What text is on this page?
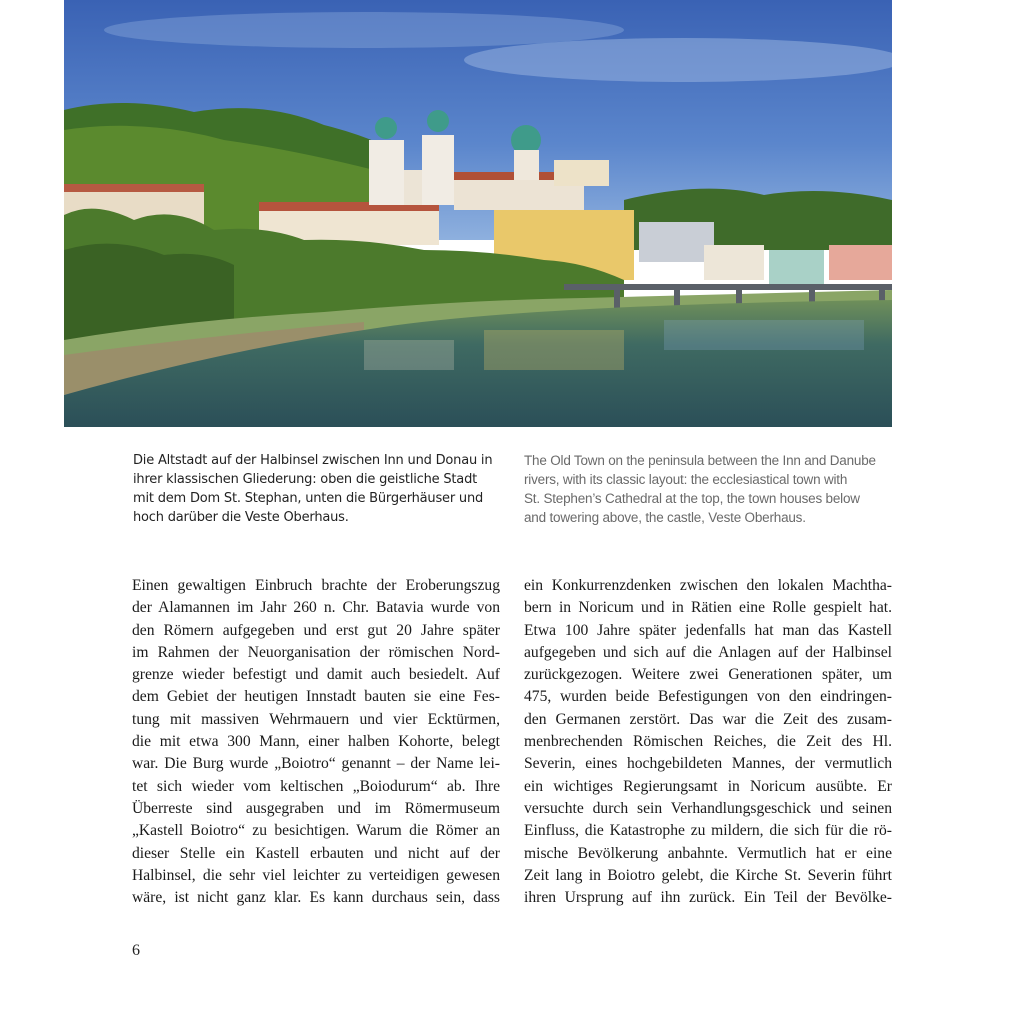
Die Altstadt auf der Halbinsel zwischen Inn und Donau in
ihrer klassischen Gliederung: oben die geistliche Stadt
mit dem Dom St. Stephan, unten die Bürgerhäuser und
hoch darüber die Veste Oberhaus.
The Old Town on the peninsula between the Inn and Danube
rivers, with its classic layout: the ecclesiastical town with
St. Stephen’s Cathedral at the top, the town houses below
and towering above, the castle, Veste Oberhaus.
Einen gewaltigen Einbruch brachte der Eroberungszug
der Alamannen im Jahr 260 n. Chr. Batavia wurde von
den Römern aufgegeben und erst gut 20 Jahre später
im Rahmen der Neuorganisation der römischen Nord-
grenze wieder befestigt und damit auch besiedelt. Auf
dem Gebiet der heutigen Innstadt bauten sie eine Fes-
tung mit massiven Wehrmauern und vier Ecktürmen,
die mit etwa 300 Mann, einer halben Kohorte, belegt
war. Die Burg wurde „Boiotro“ genannt – der Name lei-
tet sich wieder vom keltischen „Boiodurum“ ab. Ihre
Überreste sind ausgegraben und im Römermuseum
„Kastell Boiotro“ zu besichtigen. Warum die Römer an
dieser Stelle ein Kastell erbauten und nicht auf der
Halbinsel, die sehr viel leichter zu verteidigen gewesen
wäre, ist nicht ganz klar. Es kann durchaus sein, dass
ein Konkurrenzdenken zwischen den lokalen Machtha-
bern in Noricum und in Rätien eine Rolle gespielt hat.
Etwa 100 Jahre später jedenfalls hat man das Kastell
aufgegeben und sich auf die Anlagen auf der Halbinsel
zurückgezogen. Weitere zwei Generationen später, um
475, wurden beide Befestigungen von den eindringen-
den Germanen zerstört. Das war die Zeit des zusam-
menbrechenden Römischen Reiches, die Zeit des Hl.
Severin, eines hochgebildeten Mannes, der vermutlich
ein wichtiges Regierungsamt in Noricum ausübte. Er
versuchte durch sein Verhandlungsgeschick und seinen
Einfluss, die Katastrophe zu mildern, die sich für die rö-
mische Bevölkerung anbahnte. Vermutlich hat er eine
Zeit lang in Boiotro gelebt, die Kirche St. Severin führt
ihren Ursprung auf ihn zurück. Ein Teil der Bevölke-
6
